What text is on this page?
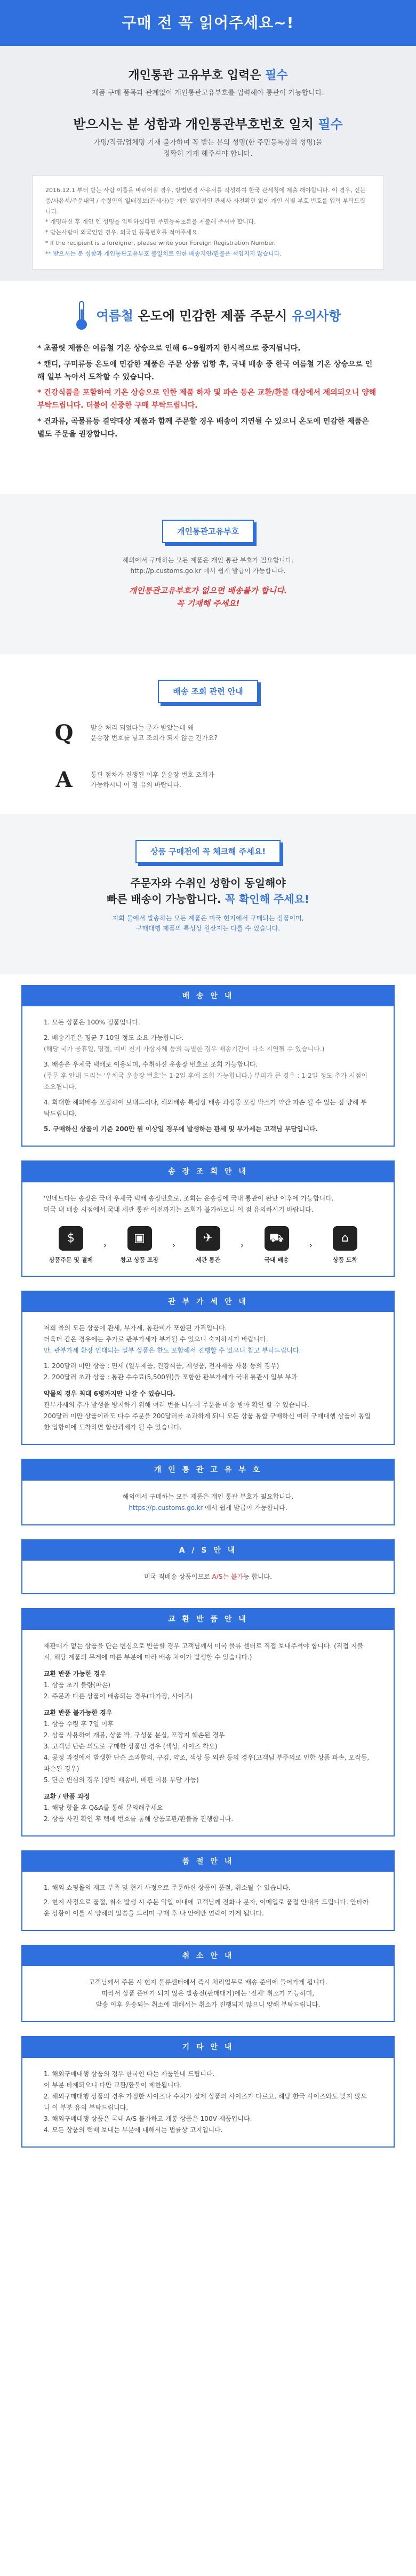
구매 전 꼭 읽어주세요~!
개인통관 고유부호 입력은 필수
제품 구매 품목과 관계없이 개인통관고유부호를 입력해야 통관이 가능합니다.
받으시는 분 성함과 개인통관부호번호 일치 필수
가명/직급/업체명 기재 불가하며 꼭 받는 분의 성명(한 주민등록상의 성명)을
정확히 기재 해주셔야 합니다.

2016.12.1 부터 받는 사람 이름을 바뀌어질 경우, 방법변경 사유서를 작성하여 한국 관세청에 제출 해야합니다. 이 경우, 신분증/사유서/주문내역 / 수령인의 일배정보(관세사)등 개인 알린서인 관세사 사전확인 없이 개인 식별 부호 번호를 입력 부탁드립니다.

* 개명하신 후 개인 인 성명을 입력하셨다면 주민등록초본을 제출해 주셔야 합니다.

* 받는사람이 외국인인 경우, 외국인 등록번호를 적어주세요.

* If the recipient is a foreigner, please write your Foreign Registration Number.

** 받으시는 분 성함과 개인통관고유부호 불일치로 인한 배송지연/환불은 책임지지 않습니다.

여름철 온도에 민감한 제품 주문시 유의사항

* 초콜릿 제품은 여름철 기온 상승으로 인해 6~9월까지 한시적으로 중지됩니다.

* 캔디, 구미류등 온도에 민감한 제품은 주문 상품 입항 후, 국내 배송 중 한국 여름철 기온 상승으로 인해 일부 녹아서 도착할 수 있습니다.

* 건강식품을 포함하여 기온 상승으로 인한 제품 하자 및 파손 등은 교환/환불 대상에서 제외되오니 양해 부탁드립니다. 더불어 신중한 구매 부탁드립니다.

* 견과류, 곡물류등 결약대상 제품과 함께 주문할 경우 배송이 지연될 수 있으니 온도에 민감한 제품은 별도 주문을 권장합니다.

개인통관고유부호
해외에서 구매하는 모든 제품은 개인 통관 부호가 필요합니다.
http://p.customs.go.kr 에서 쉽게 발급이 가능합니다.
개인통관고유부호가 없으면 배송불가 합니다.
꼭 기재해 주세요!
배송 조회 관련 안내
Q	발송 처리 되었다는 문자 받았는데 왜
운송장 번호를 넣고 조회가 되지 않는 건가요?
A	통관 절차가 진행된 이후 운송장 번호 조회가
가능하시니 이 점 유의 바랍니다.
상품 구매전에 꼭 체크해 주세요!
주문자와 수취인 성함이 동일해야
빠른 배송이 가능합니다. 꼭 확인해 주세요!
지회 물에서 발송하는 모든 제품은 미국 현지에서 구매되는 정품이며,
구매대행 제품의 특성상 원산지는 다를 수 있습니다.
배 송 안 내

1. 모든 상품은 100% 정품입니다.

2. 배송기간은 평균 7-10일 정도 소요 가능합니다.

(해당 국가 공휴일, 명절, 예비 천기 가상자체 등의 특별한 경우 배송기간이 다소 지연될 수 있습니다.)

3. 배송은 우체국 택배로 이용되며, 수취하신 운송장 번호로 조회 가능합니다.

(주문 후 안내 드리는 '우체국 운송장 번호'는 1-2일 후에 조회 가능합니다.) 부피가 큰 경우 : 1-2일 정도 추가 시점이 소요됩니다.

4. 회대한 해외배송 포장하여 보내드리나, 해외배송 특성상 배송 과정중 포장 박스가 약간 파손 될 수 있는 점 양해 부탁드립니다.

5. 구매하신 상품이 기준 200만 원 이상일 경우에 발생하는 관세 및 부가세는 고객님 부담입니다.

송 장 조 회 안 내

'인네트다는 송장은 국내 우체국 택배 송장번호로, 조회는 운송장에 국내 통관이 완난 이후에 가능합니다.

미국 내 배송 시점에서 국내 세관 통관 이전까지는 조회가 불가하오니 이 점 유의하시기 바랍니다.

$
상품주문 및 결제
›
▣
창고 상품 포장
›
✈
세관 통관
›
⛟
국내 배송
›
⌂
상품 도착
관 부 가 세 안 내

저희 몰의 모든 상품에 관세, 부가세, 통관비가 포함된 가격입니다.

더욱더 같은 경우에는 추가로 관부가세가 부가될 수 있으니 숙지하시기 바랍니다.

만, 관부가세 환장 인대되는 일부 상품은 한도 포함해서 진행할 수 있으니 참고 부탁드립니다.

1. 200달러 미만 상품 : 면세 (일부제품, 건강식품, 재생품, 전자제품 사용 등의 경우)

2. 200달러 초과 상품 : 통관 수수료(5,500원)을 포함한 관부가세가 국내 통관시 일부 부과

약물의 경우 최대 6병까지만 나갈 수 있습니다.

관부가세의 추가 발생을 방지하기 위해 여러 번을 나누어 주문을 배송 받아 확인 할 수 있습니다.

200달러 미만 상품이라도 다수 주문을 200달러를 초과하게 되니 모든 상품 통합 구매하신 여러 구매대행 상품이 동일한 입항이에 도착하면 합산과세가 될 수 있습니다.

개 인 통 관 고 유 부 호

해외에서 구매하는 모든 제품은 개인 통관 부호가 필요합니다.

https://p.customs.go.kr 에서 쉽게 발급이 가능합니다.

A / S 안 내

미국 직배송 상품이므로 A/S는 불가능 합니다.

교 환 반 품 안 내

재판매가 없는 상품을 단순 변심으로 반품할 경우 고객님께서 미국 물류 센터로 직접 보내주셔야 합니다. (직접 지불 시, 해당 제품의 무게에 따른 부분에 따라 배송 차이가 발생할 수 있습니다.)

교환 반품 가능한 경우

1. 상품 초기 불량(파손)

2. 주문과 다른 상품이 배송되는 경우(다가장, 사이즈)

교환 반품 불가능한 경우

1. 상품 수령 후 7일 이후

2. 상품 사용하여 개봉, 상품 박, 구성품 분실, 포장지 훼손된 경우

3. 고객님 단순 의도로 구매한 상품인 경우 (색상, 사이즈 착오)

4. 공정 과정에서 발생한 단순 소과함의, 구김, 약조, 색상 등 외관 등의 경우(고객님 부주의로 인한 상품 파손, 오작동, 파손된 경우)

5. 단순 변심의 경우 (항력 배송비, 배편 이용 부담 가능)

교환 / 반품 과정

1. 해당 항을 후 Q&A를 통해 문의해주세요

2. 상품 사진 확인 후 택배 번호를 통해 상품교환/환불을 진행합니다.

품 절 안 내

1. 해외 쇼핑몰의 재고 부족 및 현지 사정으로 주문하신 상품이 품절, 취소될 수 있습니다.

2. 현지 사정으로 품절, 취소 발생 시 주문 익일 이내에 고객님께 전화나 문자, 이메일로 품절 안내를 드립니다. 안타까운 상황이 이를 시 양해의 말씀을 드리며 구매 후 나 안에만 연락이 가게 됩니다.

취 소 안 내

고객님께서 주문 시 현지 물류센터에서 즉시 처리업무로 배송 준비에 들어가게 됩니다.

따라서 상품 준비가 되지 않은 발송전(판매대기)에는 '전체' 취소가 가능하며,

발송 이후 운송되는 취소에 대해서는 취소가 진행되지 않으니 양해 부탁드립니다.

기 타 안 내

1. 해외구매대행 상품의 경우 한국인 다는 제품안내 드립니다.

이 부분 타제되오니 다만 교환/환불이 제한됩니다.

2. 해외구매대행 상품의 경우 가정한 사이즈나 수치가 실제 상품의 사이즈가 다르고, 해당 한국 사이즈와도 맞지 않으니 이 부분 유의 부탁드립니다.

3. 해외구매대행 상품은 국내 A/S 불가하고 개봉 상품은 100V 제품입니다.

4. 모든 상품의 택배 보내는 부분에 대해서는 법률상 고지입니다.
